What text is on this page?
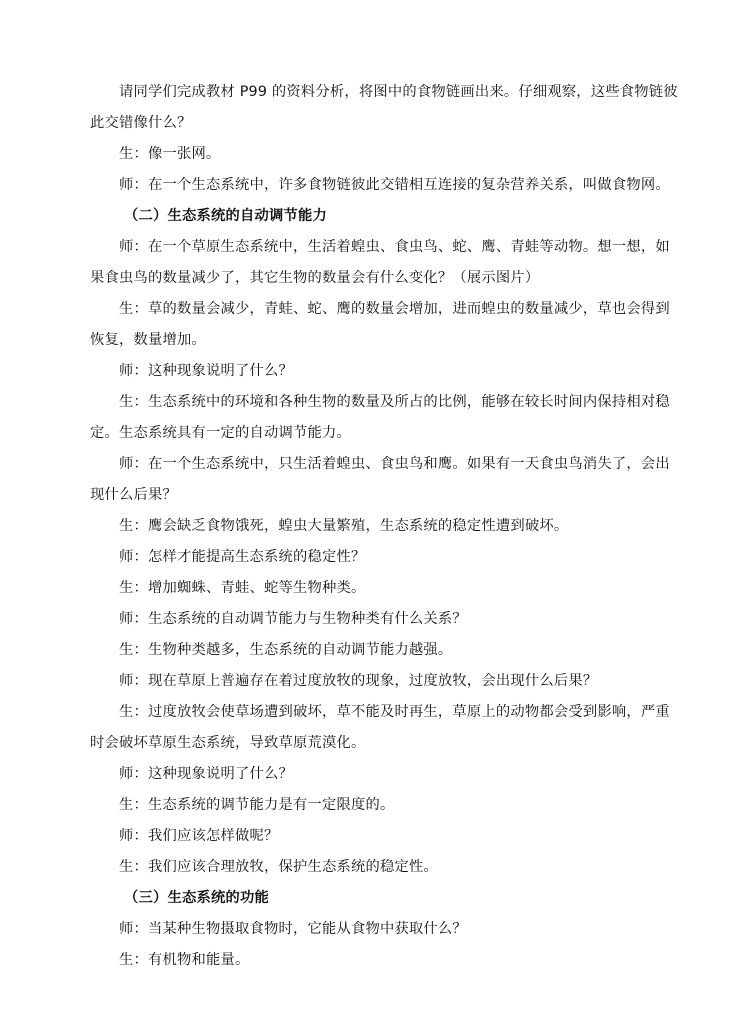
请同学们完成教材 P99 的资料分析，将图中的食物链画出来。仔细观察，这些食物链彼
此交错像什么？
生：像一张网。
师：在一个生态系统中，许多食物链彼此交错相互连接的复杂营养关系，叫做食物网。
（二）生态系统的自动调节能力
师：在一个草原生态系统中，生活着蝗虫、食虫鸟、蛇、鹰、青蛙等动物。想一想，如
果食虫鸟的数量减少了，其它生物的数量会有什么变化？（展示图片）
生：草的数量会减少，青蛙、蛇、鹰的数量会增加，进而蝗虫的数量减少，草也会得到
恢复，数量增加。
师：这种现象说明了什么？
生：生态系统中的环境和各种生物的数量及所占的比例，能够在较长时间内保持相对稳
定。生态系统具有一定的自动调节能力。
师：在一个生态系统中，只生活着蝗虫、食虫鸟和鹰。如果有一天食虫鸟消失了，会出
现什么后果？
生：鹰会缺乏食物饿死，蝗虫大量繁殖，生态系统的稳定性遭到破坏。
师：怎样才能提高生态系统的稳定性？
生：增加蜘蛛、青蛙、蛇等生物种类。
师：生态系统的自动调节能力与生物种类有什么关系？
生：生物种类越多，生态系统的自动调节能力越强。
师：现在草原上普遍存在着过度放牧的现象，过度放牧，会出现什么后果？
生：过度放牧会使草场遭到破坏，草不能及时再生，草原上的动物都会受到影响，严重
时会破坏草原生态系统，导致草原荒漠化。
师：这种现象说明了什么？
生：生态系统的调节能力是有一定限度的。
师：我们应该怎样做呢？
生：我们应该合理放牧，保护生态系统的稳定性。
（三）生态系统的功能
师：当某种生物摄取食物时，它能从食物中获取什么？
生：有机物和能量。
